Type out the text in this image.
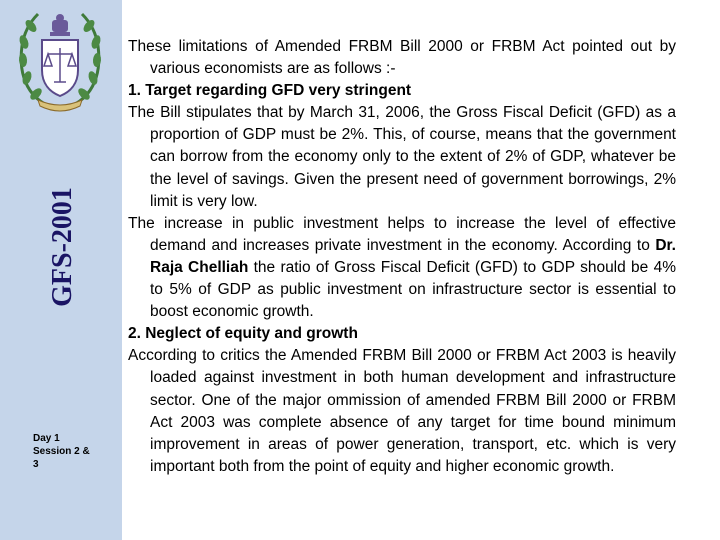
GFS-2001
Day 1
Session 2 &
3

These limitations of Amended FRBM Bill 2000 or FRBM Act pointed out by various economists are as follows :-

1. Target regarding GFD very stringent

The Bill stipulates that by March 31, 2006, the Gross Fiscal Deficit (GFD) as a proportion of GDP must be 2%. This, of course, means that the government can borrow from the economy only to the extent of 2% of GDP, whatever be the level of savings. Given the present need of government borrowings, 2% limit is very low.

The increase in public investment helps to increase the level of effective demand and increases private investment in the economy. According to Dr. Raja Chelliah the ratio of Gross Fiscal Deficit (GFD) to GDP should be 4% to 5% of GDP as public investment on infrastructure sector is essential to boost economic growth.

2. Neglect of equity and growth

According to critics the Amended FRBM Bill 2000 or FRBM Act 2003 is heavily loaded against investment in both human development and infrastructure sector. One of the major ommission of amended FRBM Bill 2000 or FRBM Act 2003 was complete absence of any target for time bound minimum improvement in areas of power generation, transport, etc. which is very important both from the point of equity and higher economic growth.
